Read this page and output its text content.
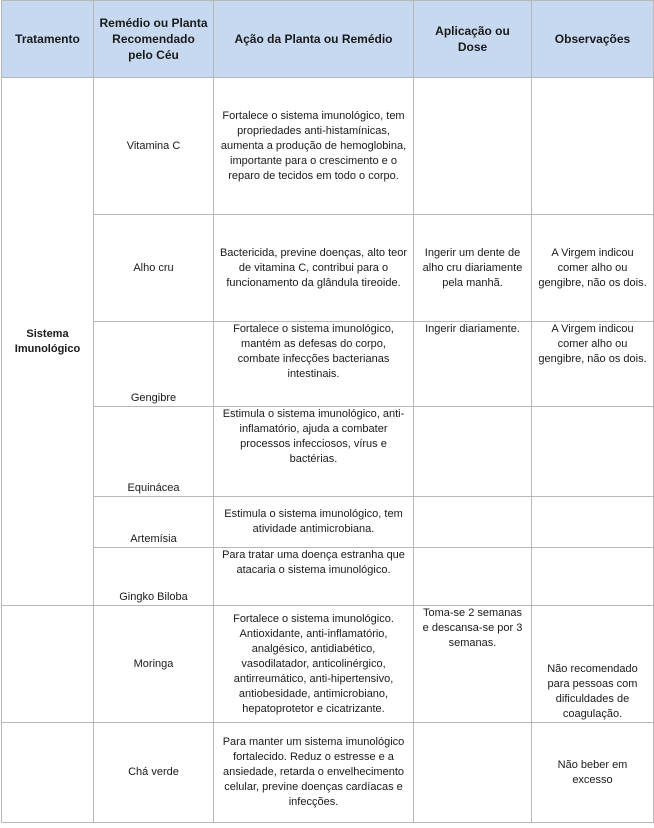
Tratamento	Remédio ou Planta Recomendado pelo Céu	Ação da Planta ou Remédio	Aplicação ou Dose	Observações
Sistema Imunológico	Vitamina C	Fortalece o sistema imunológico, tem propriedades anti-histamínicas, aumenta a produção de hemoglobina, importante para o crescimento e o reparo de tecidos em todo o corpo.		
	Alho cru	Bactericida, previne doenças, alto teor de vitamina C, contribui para o funcionamento da glândula tireoide.	Ingerir um dente de alho cru diariamente pela manhã.	A Virgem indicou comer alho ou gengibre, não os dois.
	Gengibre	Fortalece o sistema imunológico, mantém as defesas do corpo, combate infecções bacterianas intestinais.	Ingerir diariamente.	A Virgem indicou comer alho ou gengibre, não os dois.
	Equinácea	Estimula o sistema imunológico, anti-inflamatório, ajuda a combater processos infecciosos, vírus e bactérias.		
	Artemísia	Estimula o sistema imunológico, tem atividade antimicrobiana.		
	Gingko Biloba	Para tratar uma doença estranha que atacaria o sistema imunológico.		
	Moringa	Fortalece o sistema imunológico. Antioxidante, anti-inflamatório, analgésico, antidiabético, vasodilatador, anticolinérgico, antirreumático, anti-hipertensivo, antiobesidade, antimicrobiano, hepatoprotetor e cicatrizante.	Toma-se 2 semanas e descansa-se por 3 semanas.	Não recomendado para pessoas com dificuldades de coagulação.
	Chá verde	Para manter um sistema imunológico fortalecido. Reduz o estresse e a ansiedade, retarda o envelhecimento celular, previne doenças cardíacas e infecções.		Não beber em excesso
